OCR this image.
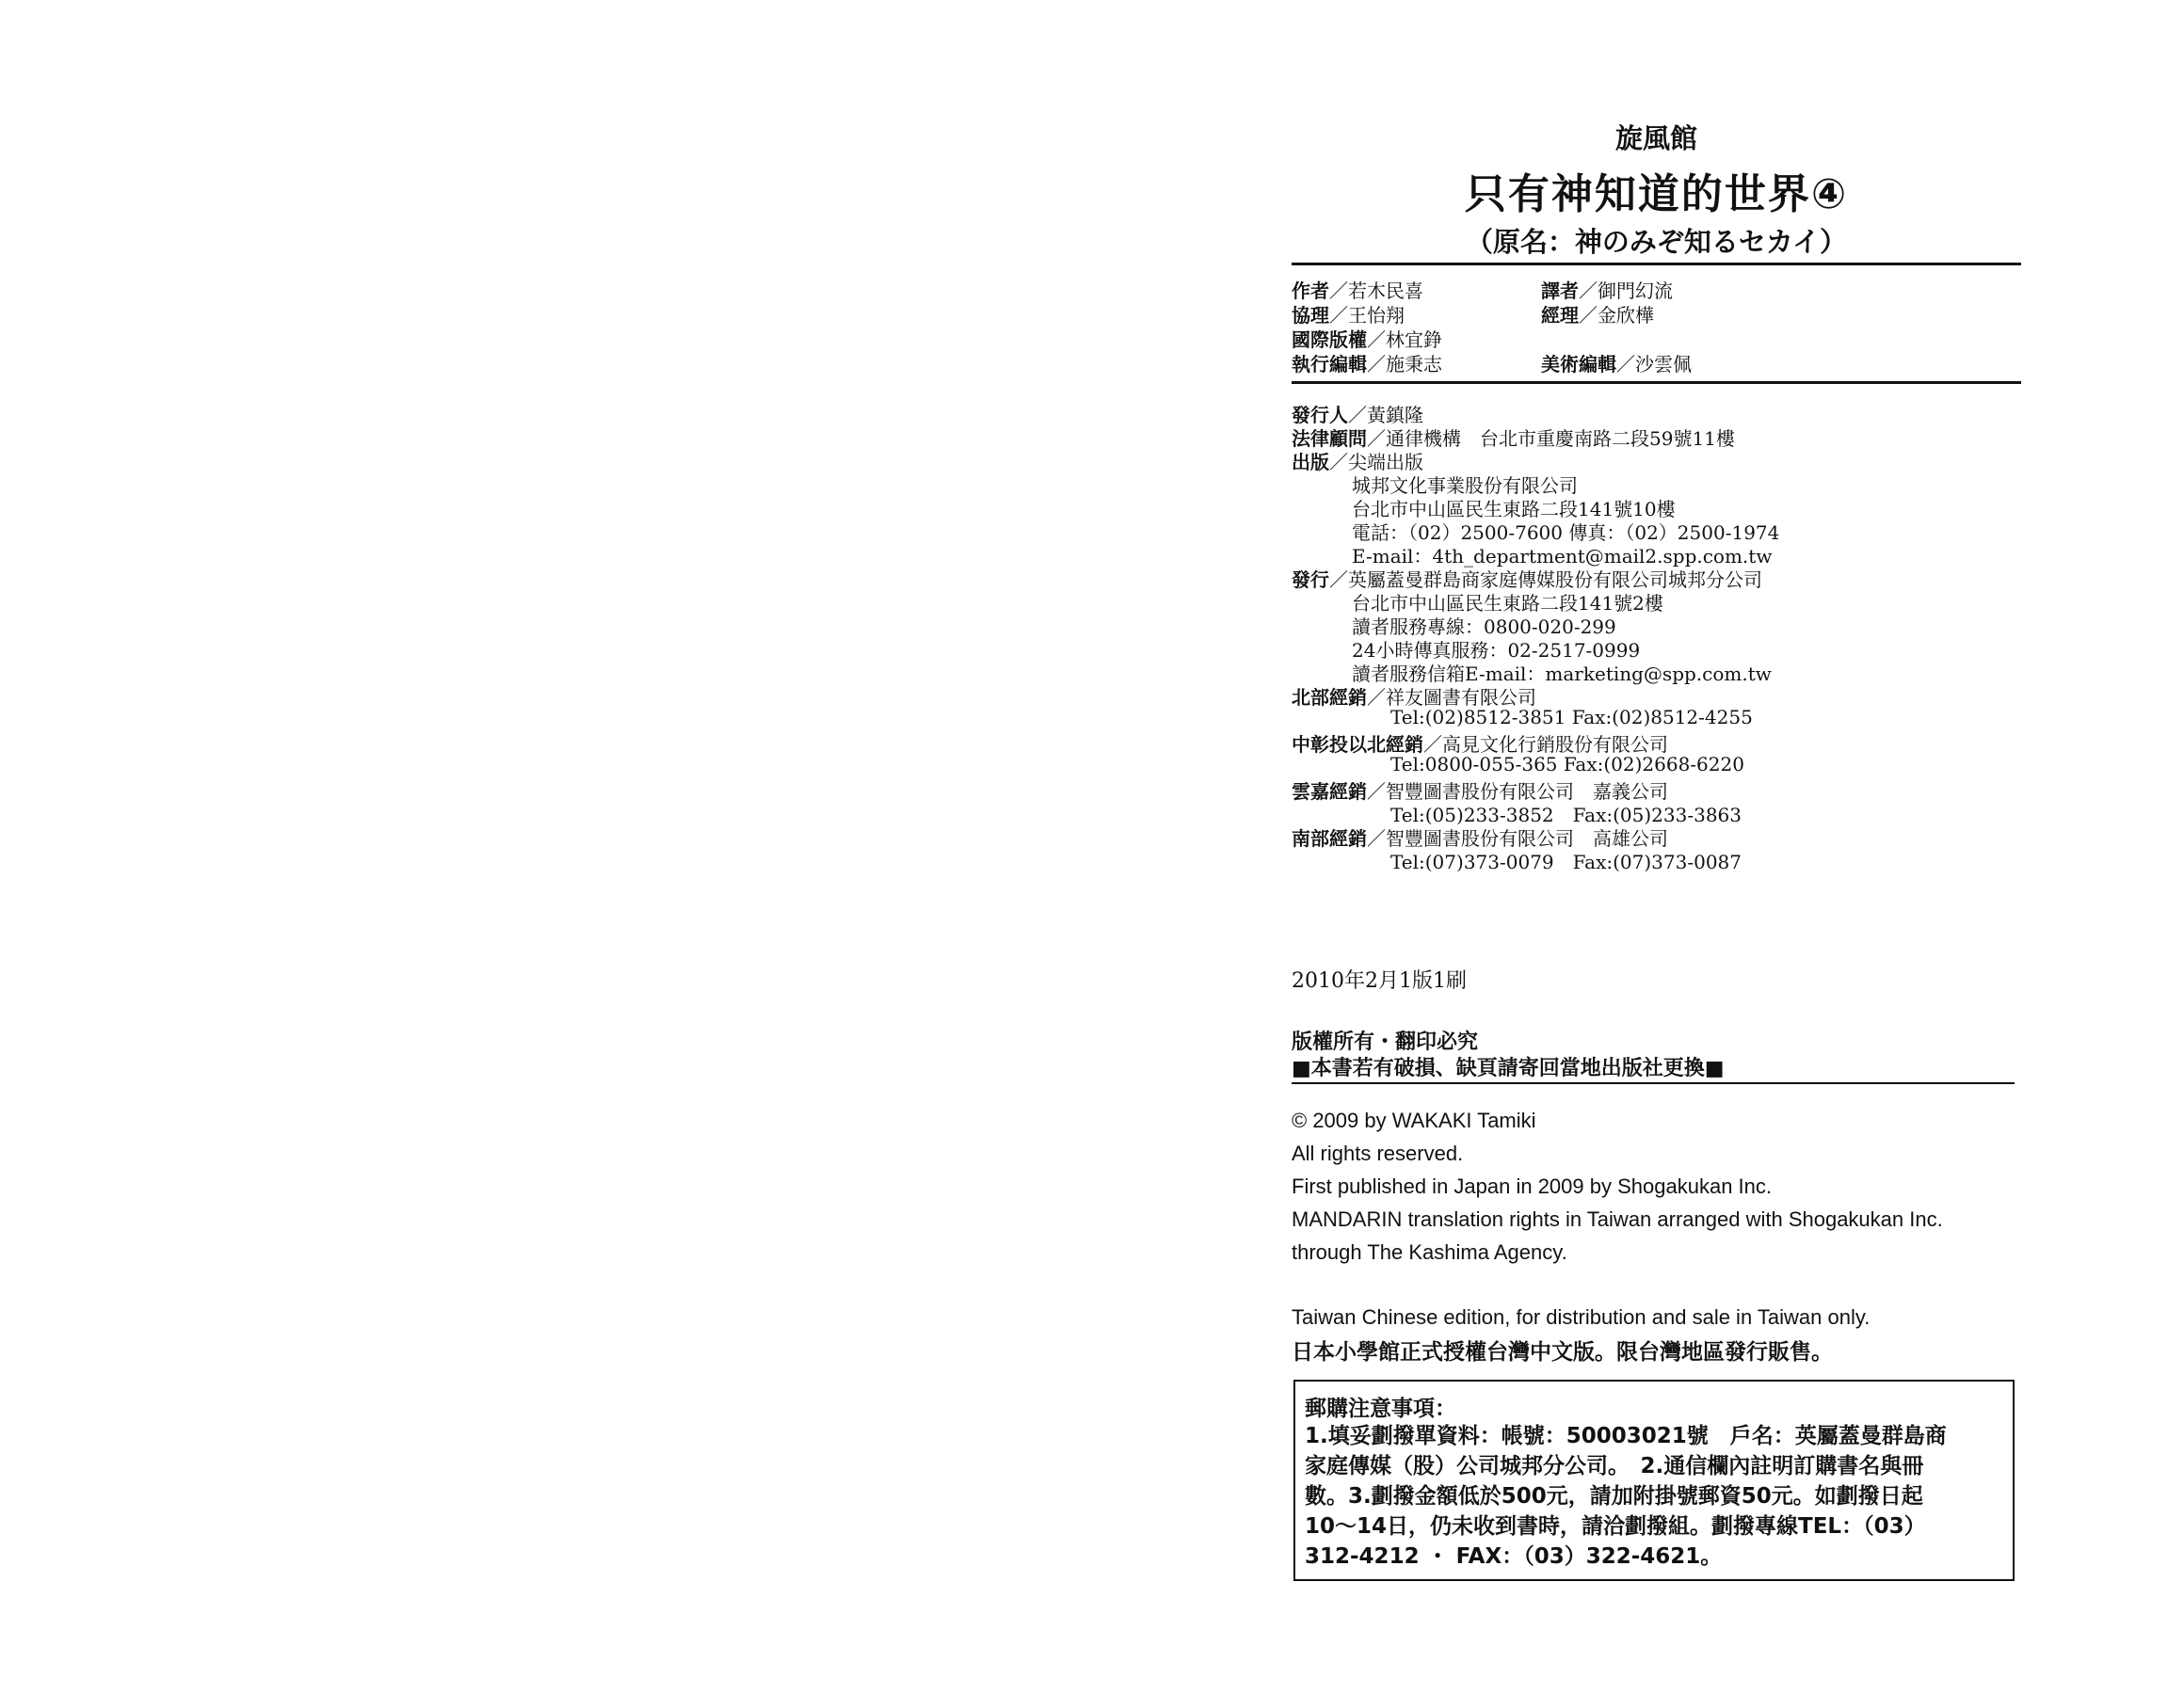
旋風館
只有神知道的世界④
（原名：神のみぞ知るセカイ）
作者／若木民喜	譯者／御門幻流
協理／王怡翔	經理／金欣樺
國際版權／林宜錚
執行編輯／施秉志	美術編輯／沙雲佩
發行人／黃鎮隆
法律顧問／通律機構　台北市重慶南路二段59號11樓
出版／尖端出版
城邦文化事業股份有限公司
台北市中山區民生東路二段141號10樓
電話：（02）2500-7600 傳真：（02）2500-1974
E-mail：4th_department@mail2.spp.com.tw
發行／英屬蓋曼群島商家庭傳媒股份有限公司城邦分公司
台北市中山區民生東路二段141號2樓
讀者服務專線：0800-020-299
24小時傳真服務：02-2517-0999
讀者服務信箱E-mail：marketing@spp.com.tw
北部經銷／祥友圖書有限公司
Tel:(02)8512-3851 Fax:(02)8512-4255
中彰投以北經銷／高見文化行銷股份有限公司
Tel:0800-055-365 Fax:(02)2668-6220
雲嘉經銷／智豐圖書股份有限公司　嘉義公司
Tel:(05)233-3852　Fax:(05)233-3863
南部經銷／智豐圖書股份有限公司　高雄公司
Tel:(07)373-0079　Fax:(07)373-0087
2010年2月1版1刷
版權所有・翻印必究
■本書若有破損、缺頁請寄回當地出版社更換■
© 2009 by WAKAKI Tamiki
All rights reserved.
First published in Japan in 2009 by Shogakukan Inc.
MANDARIN translation rights in Taiwan arranged with Shogakukan Inc.
through The Kashima Agency.
Taiwan Chinese edition, for distribution and sale in Taiwan only.
日本小學館正式授權台灣中文版。限台灣地區發行販售。
郵購注意事項：
1.填妥劃撥單資料：帳號：50003021號　戶名：英屬蓋曼群島商
家庭傳媒（股）公司城邦分公司。　2.通信欄內註明訂購書名與冊
數。3.劃撥金額低於500元，請加附掛號郵資50元。如劃撥日起
10～14日，仍未收到書時，請洽劃撥組。劃撥專線TEL：（03）
312-4212 ・ FAX：（03）322-4621。
